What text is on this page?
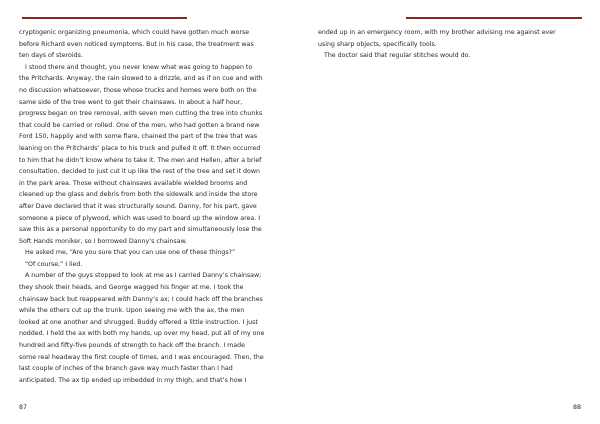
cryptogenic organizing pneumonia, which could have gotten much worse

before Richard even noticed symptoms. But in his case, the treatment was

ten days of steroids.

I stood there and thought, you never knew what was going to happen to

the Pritchards. Anyway, the rain slowed to a drizzle, and as if on cue and with

no discussion whatsoever, those whose trucks and homes were both on the

same side of the tree went to get their chainsaws. In about a half hour,

progress began on tree removal, with seven men cutting the tree into chunks

that could be carried or rolled. One of the men, who had gotten a brand new

Ford 150, happily and with some flare, chained the part of the tree that was

leaning on the Pritchards’ place to his truck and pulled it off. It then occurred

to him that he didn’t know where to take it. The men and Hellen, after a brief

consultation, decided to just cut it up like the rest of the tree and set it down

in the park area. Those without chainsaws available wielded brooms and

cleaned up the glass and debris from both the sidewalk and inside the store

after Dave declared that it was structurally sound. Danny, for his part, gave

someone a piece of plywood, which was used to board up the window area. I

saw this as a personal opportunity to do my part and simultaneously lose the

Soft Hands moniker, so I borrowed Danny’s chainsaw.

He asked me, “Are you sure that you can use one of these things?”

“Of course,” I lied.

A number of the guys stopped to look at me as I carried Danny’s chainsaw;

they shook their heads, and George wagged his finger at me. I took the

chainsaw back but reappeared with Danny’s ax; I could hack off the branches

while the others cut up the trunk. Upon seeing me with the ax, the men

looked at one another and shrugged. Buddy offered a little instruction. I just

nodded. I held the ax with both my hands, up over my head, put all of my one

hundred and fifty-five pounds of strength to hack off the branch. I made

some real headway the first couple of times, and I was encouraged. Then, the

last couple of inches of the branch gave way much faster than I had

anticipated. The ax tip ended up imbedded in my thigh, and that’s how I

ended up in an emergency room, with my brother advising me against ever

using sharp objects, specifically tools.

The doctor said that regular stitches would do.

87	88
